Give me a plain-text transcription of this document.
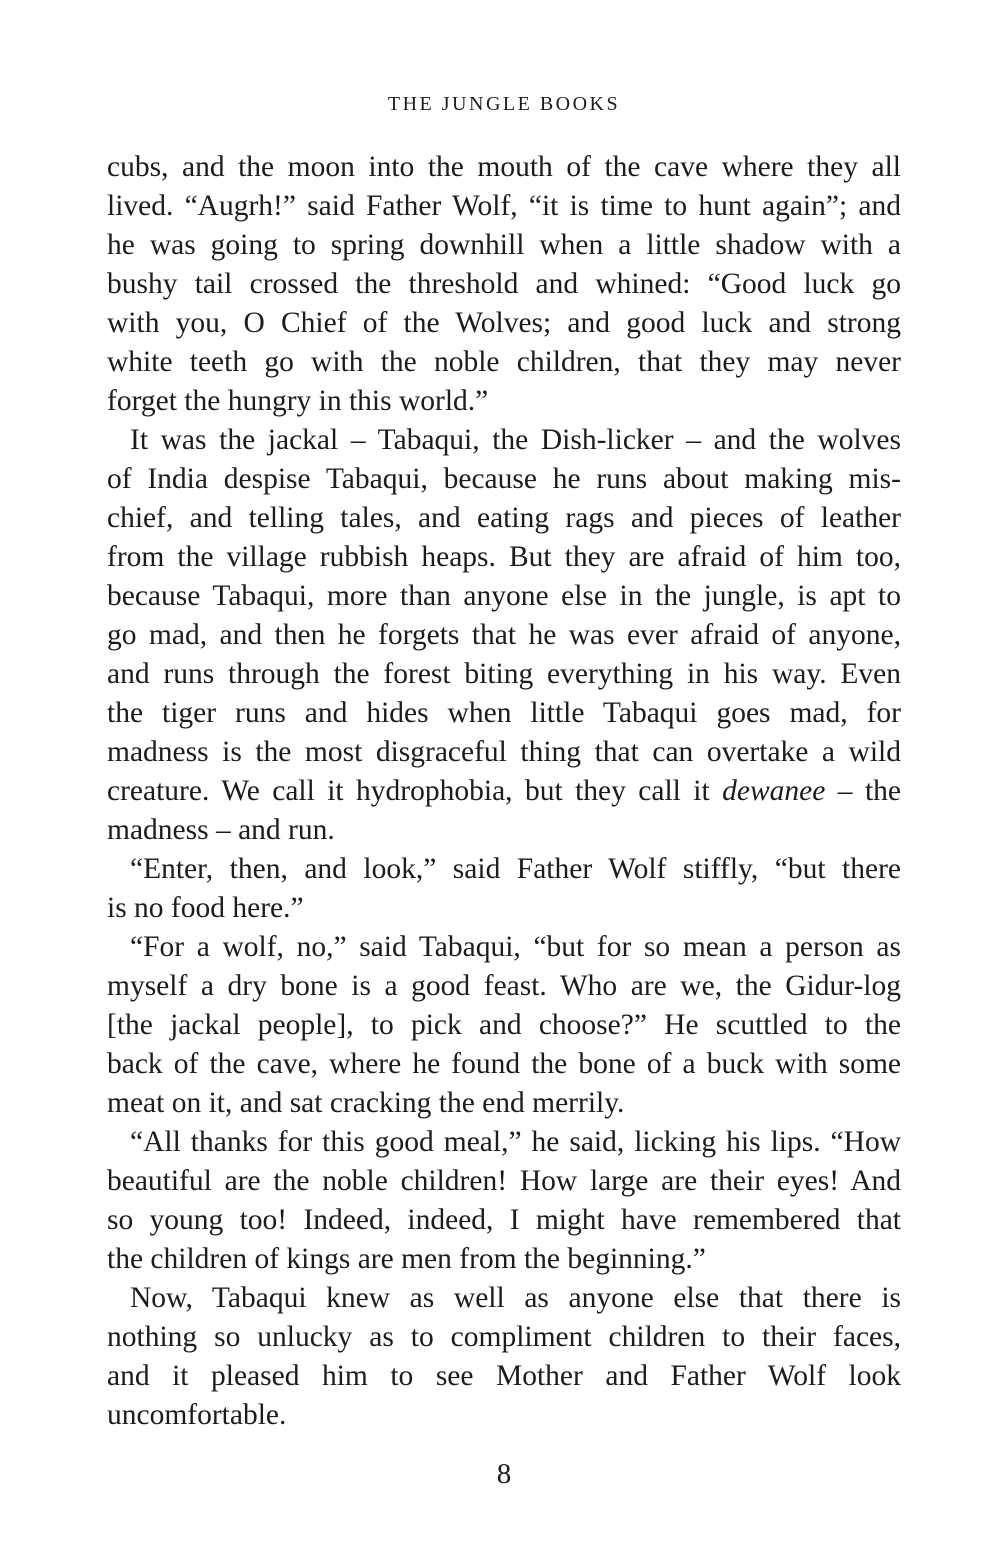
THE JUNGLE BOOKS
cubs, and the moon into the mouth of the cave where they all
lived. “Augrh!” said Father Wolf, “it is time to hunt again”; and
he was going to spring downhill when a little shadow with a
bushy tail crossed the threshold and whined: “Good luck go
with you, O Chief of the Wolves; and good luck and strong
white teeth go with the noble children, that they may never
forget the hungry in this world.”
It was the jackal – Tabaqui, the Dish-licker – and the wolves
of India despise Tabaqui, because he runs about making mis-
chief, and telling tales, and eating rags and pieces of leather
from the village rubbish heaps. But they are afraid of him too,
because Tabaqui, more than anyone else in the jungle, is apt to
go mad, and then he forgets that he was ever afraid of anyone,
and runs through the forest biting everything in his way. Even
the tiger runs and hides when little Tabaqui goes mad, for
madness is the most disgraceful thing that can overtake a wild
creature. We call it hydrophobia, but they call it dewanee – the
madness – and run.
“Enter, then, and look,” said Father Wolf stiffly, “but there
is no food here.”
“For a wolf, no,” said Tabaqui, “but for so mean a person as
myself a dry bone is a good feast. Who are we, the Gidur-log
[the jackal people], to pick and choose?” He scuttled to the
back of the cave, where he found the bone of a buck with some
meat on it, and sat cracking the end merrily.
“All thanks for this good meal,” he said, licking his lips. “How
beautiful are the noble children! How large are their eyes! And
so young too! Indeed, indeed, I might have remembered that
the children of kings are men from the beginning.”
Now, Tabaqui knew as well as anyone else that there is
nothing so unlucky as to compliment children to their faces,
and it pleased him to see Mother and Father Wolf look
uncomfortable.
8
